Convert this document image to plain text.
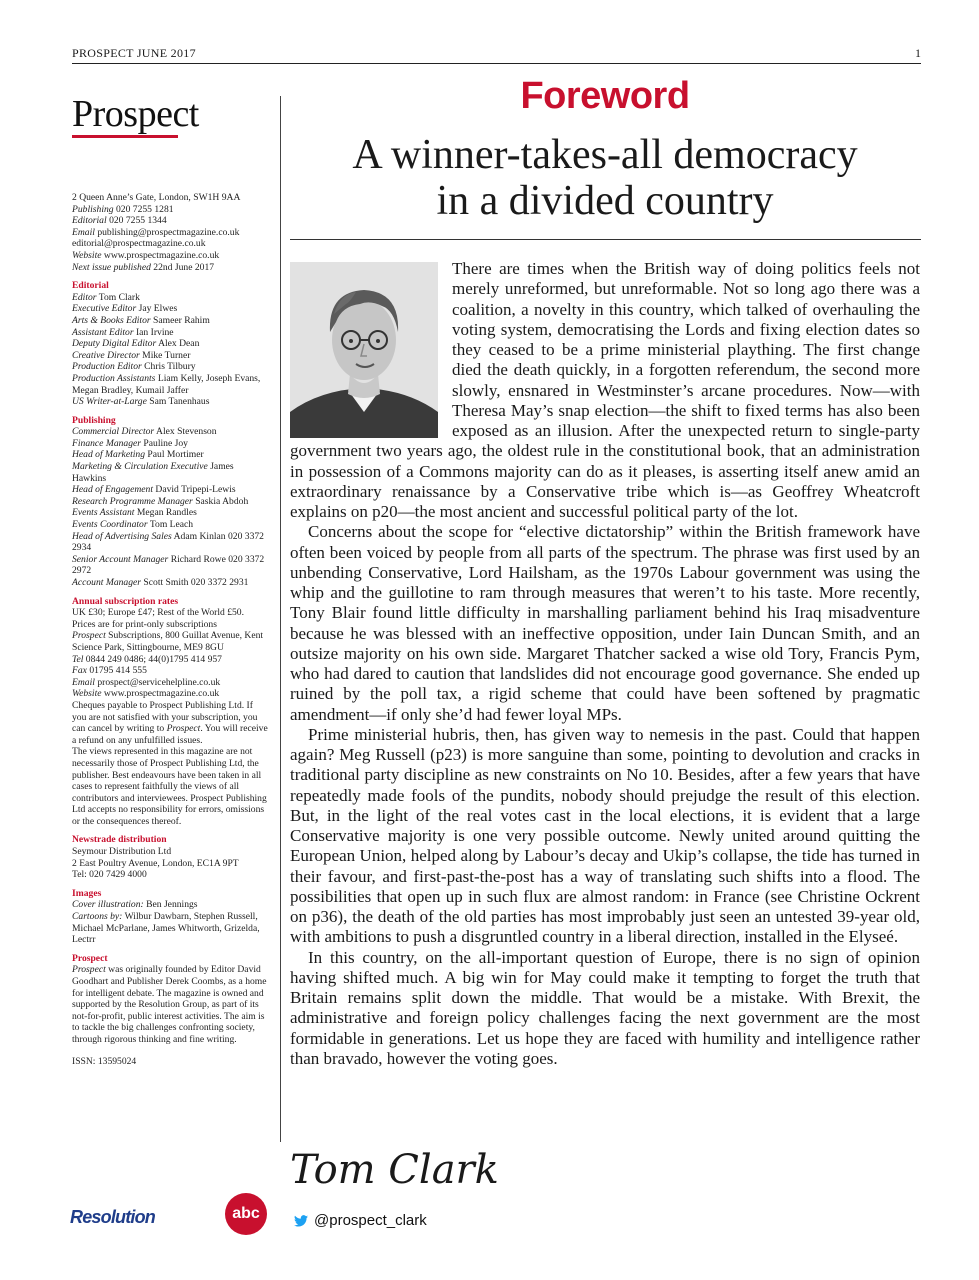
PROSPECT JUNE 2017	1
Prospect
2 Queen Anne’s Gate, London, SW1H 9AA
Publishing 020 7255 1281
Editorial 020 7255 1344
Email publishing@prospectmagazine.co.uk
editorial@prospectmagazine.co.uk
Website www.prospectmagazine.co.uk
Next issue published 22nd June 2017
Editorial
Editor Tom Clark
Executive Editor Jay Elwes
Arts & Books Editor Sameer Rahim
Assistant Editor Ian Irvine
Deputy Digital Editor Alex Dean
Creative Director Mike Turner
Production Editor Chris Tilbury
Production Assistants Liam Kelly, Joseph Evans, Megan Bradley, Kumail Jaffer
US Writer-at-Large Sam Tanenhaus
Publishing
Commercial Director Alex Stevenson
Finance Manager Pauline Joy
Head of Marketing Paul Mortimer
Marketing & Circulation Executive James Hawkins
Head of Engagement David Tripepi-Lewis
Research Programme Manager Saskia Abdoh
Events Assistant Megan Randles
Events Coordinator Tom Leach
Head of Advertising Sales Adam Kinlan 020 3372 2934
Senior Account Manager Richard Rowe 020 3372 2972
Account Manager Scott Smith 020 3372 2931
Annual subscription rates
UK £30; Europe £47; Rest of the World £50. Prices are for print-only subscriptions
Prospect Subscriptions, 800 Guillat Avenue, Kent Science Park, Sittingbourne, ME9 8GU
Tel 0844 249 0486; 44(0)1795 414 957
Fax 01795 414 555
Email prospect@servicehelpline.co.uk
Website www.prospectmagazine.co.uk
Cheques payable to Prospect Publishing Ltd. If you are not satisfied with your subscription, you can cancel by writing to Prospect. You will receive a refund on any unfulfilled issues.
The views represented in this magazine are not necessarily those of Prospect Publishing Ltd, the publisher. Best endeavours have been taken in all cases to represent faithfully the views of all contributors and interviewees. Prospect Publishing Ltd accepts no responsibility for errors, omissions or the consequences thereof.
Newstrade distribution
Seymour Distribution Ltd
2 East Poultry Avenue, London, EC1A 9PT
Tel: 020 7429 4000
Images
Cover illustration: Ben Jennings
Cartoons by: Wilbur Dawbarn, Stephen Russell, Michael McParlane, James Whitworth, Grizelda, Lectrr
Prospect
Prospect was originally founded by Editor David Goodhart and Publisher Derek Coombs, as a home for intelligent debate. The magazine is owned and supported by the Resolution Group, as part of its not-for-profit, public interest activities. The aim is to tackle the big challenges confronting society, through rigorous thinking and fine writing.
ISSN: 13595024
Foreword
A winner-takes-all democracy
in a divided country

There are times when the British way of doing politics feels not merely unreformed, but unreformable. Not so long ago there was a coalition, a novelty in this country, which talked of overhauling the voting system, democratising the Lords and fixing election dates so they ceased to be a prime ministerial plaything. The first change died the death quickly, in a forgotten referendum, the second more slowly, ensnared in Westminster’s arcane procedures. Now—with Theresa May’s snap election—the shift to fixed terms has also been exposed as an illusion. After the unexpected return to single-party government two years ago, the oldest rule in the constitutional book, that an administration in possession of a Commons majority can do as it pleases, is asserting itself anew amid an extraordinary renaissance by a Conservative tribe which is—as Geoffrey Wheatcroft explains on p20—the most ancient and successful political party of the lot.

Concerns about the scope for “elective dictatorship” within the British framework have often been voiced by people from all parts of the spectrum. The phrase was first used by an unbending Conservative, Lord Hailsham, as the 1970s Labour government was using the whip and the guillotine to ram through measures that weren’t to his taste. More recently, Tony Blair found little difficulty in marshalling parliament behind his Iraq misadventure because he was blessed with an ineffective opposition, under Iain Duncan Smith, and an outsize majority on his own side. Margaret Thatcher sacked a wise old Tory, Francis Pym, who had dared to caution that landslides did not encourage good governance. She ended up ruined by the poll tax, a rigid scheme that could have been softened by pragmatic amendment—if only she’d had fewer loyal MPs.

Prime ministerial hubris, then, has given way to nemesis in the past. Could that happen again? Meg Russell (p23) is more sanguine than some, pointing to devolution and cracks in traditional party discipline as new constraints on No 10. Besides, after a few years that have repeatedly made fools of the pundits, nobody should prejudge the result of this election. But, in the light of the real votes cast in the local elections, it is evident that a large Conservative majority is one very possible outcome. Newly united around quitting the European Union, helped along by Labour’s decay and Ukip’s collapse, the tide has turned in their favour, and first-past-the-post has a way of translating such shifts into a flood. The possibilities that open up in such flux are almost random: in France (see Christine Ockrent on p36), the death of the old parties has most improbably just seen an untested 39-year old, with ambitions to push a disgruntled country in a liberal direction, installed in the Elyseé.

In this country, on the all-important question of Europe, there is no sign of opinion having shifted much. A big win for May could make it tempting to forget the truth that Britain remains split down the middle. That would be a mistake. With Brexit, the administrative and foreign policy challenges facing the next government are the most formidable in generations. Let us hope they are faced with humility and intelligence rather than bravado, however the voting goes.

Tom Clark
@prospect_clark
Resolution	abc
